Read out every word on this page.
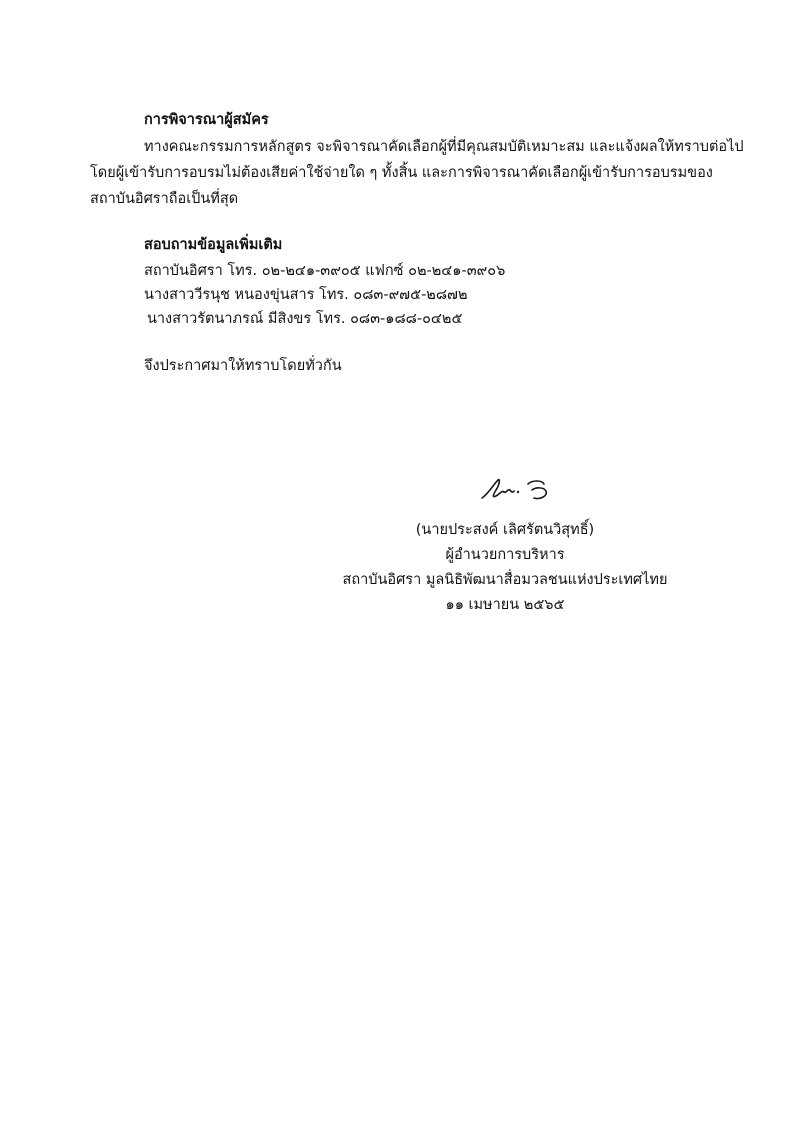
การพิจารณาผู้สมัคร
ทางคณะกรรมการหลักสูตร จะพิจารณาคัดเลือกผู้ที่มีคุณสมบัติเหมาะสม และแจ้งผลให้ทราบต่อไป
โดยผู้เข้ารับการอบรมไม่ต้องเสียค่าใช้จ่ายใด ๆ ทั้งสิ้น และการพิจารณาคัดเลือกผู้เข้ารับการอบรมของ
สถาบันอิศราถือเป็นที่สุด
สอบถามข้อมูลเพิ่มเติม
สถาบันอิศรา โทร. ๐๒-๒๔๑-๓๙๐๕ แฟกซ์ ๐๒-๒๔๑-๓๙๐๖
นางสาววีรนุช หนองขุ่นสาร โทร. ๐๘๓-๙๗๕-๒๘๗๒
นางสาวรัตนาภรณ์ มีสิงขร โทร. ๐๘๓-๑๘๘-๐๔๒๕
จึงประกาศมาให้ทราบโดยทั่วกัน
(นายประสงค์ เลิศรัตนวิสุทธิ์)
ผู้อำนวยการบริหาร
สถาบันอิศรา มูลนิธิพัฒนาสื่อมวลชนแห่งประเทศไทย
๑๑ เมษายน ๒๕๖๕
